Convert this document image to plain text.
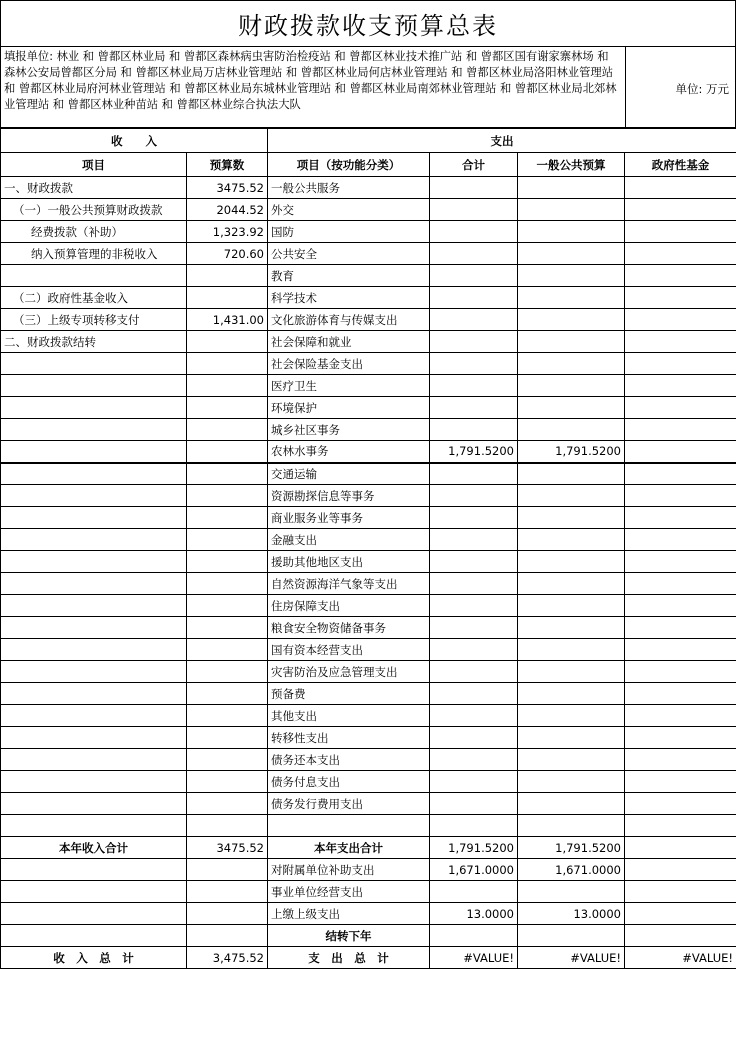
财政拨款收支预算总表
填报单位: 林业 和 曾都区林业局 和 曾都区森林病虫害防治检疫站 和 曾都区林业技术推广站 和 曾都区国有谢家寨林场 和 森林公安局曾都区分局 和 曾都区林业局万店林业管理站 和 曾都区林业局何店林业管理站 和 曾都区林业局洛阳林业管理站 和 曾都区林业局府河林业管理站 和 曾都区林业局东城林业管理站 和 曾都区林业局南郊林业管理站 和 曾都区林业局北郊林业管理站 和 曾都区林业种苗站 和 曾都区林业综合执法大队
单位: 万元
收　　入		支出			
项目	预算数	项目（按功能分类）	合计	一般公共预算	政府性基金
一、财政拨款	3475.52	一般公共服务			
（一）一般公共预算财政拨款	2044.52	外交			
经费拨款（补助）	1,323.92	国防			
纳入预算管理的非税收入	720.60	公共安全			
		教育			
（二）政府性基金收入		科学技术			
（三）上级专项转移支付	1,431.00	文化旅游体育与传媒支出			
二、财政拨款结转		社会保障和就业			
		社会保险基金支出			
		医疗卫生			
		环境保护			
		城乡社区事务			
		农林水事务	1,791.5200	1,791.5200	
		交通运输			
		资源勘探信息等事务			
		商业服务业等事务			
		金融支出			
		援助其他地区支出			
		自然资源海洋气象等支出			
		住房保障支出			
		粮食安全物资储备事务			
		国有资本经营支出			
		灾害防治及应急管理支出			
		预备费			
		其他支出			
		转移性支出			
		债务还本支出			
		债务付息支出			
		债务发行费用支出			

本年收入合计	3475.52	本年支出合计	1,791.5200	1,791.5200	
		对附属单位补助支出	1,671.0000	1,671.0000	
		事业单位经营支出			
		上缴上级支出	13.0000	13.0000	
		结转下年			
收　入　总　计	3,475.52	支　出　总　计	#VALUE!	#VALUE!	#VALUE!
